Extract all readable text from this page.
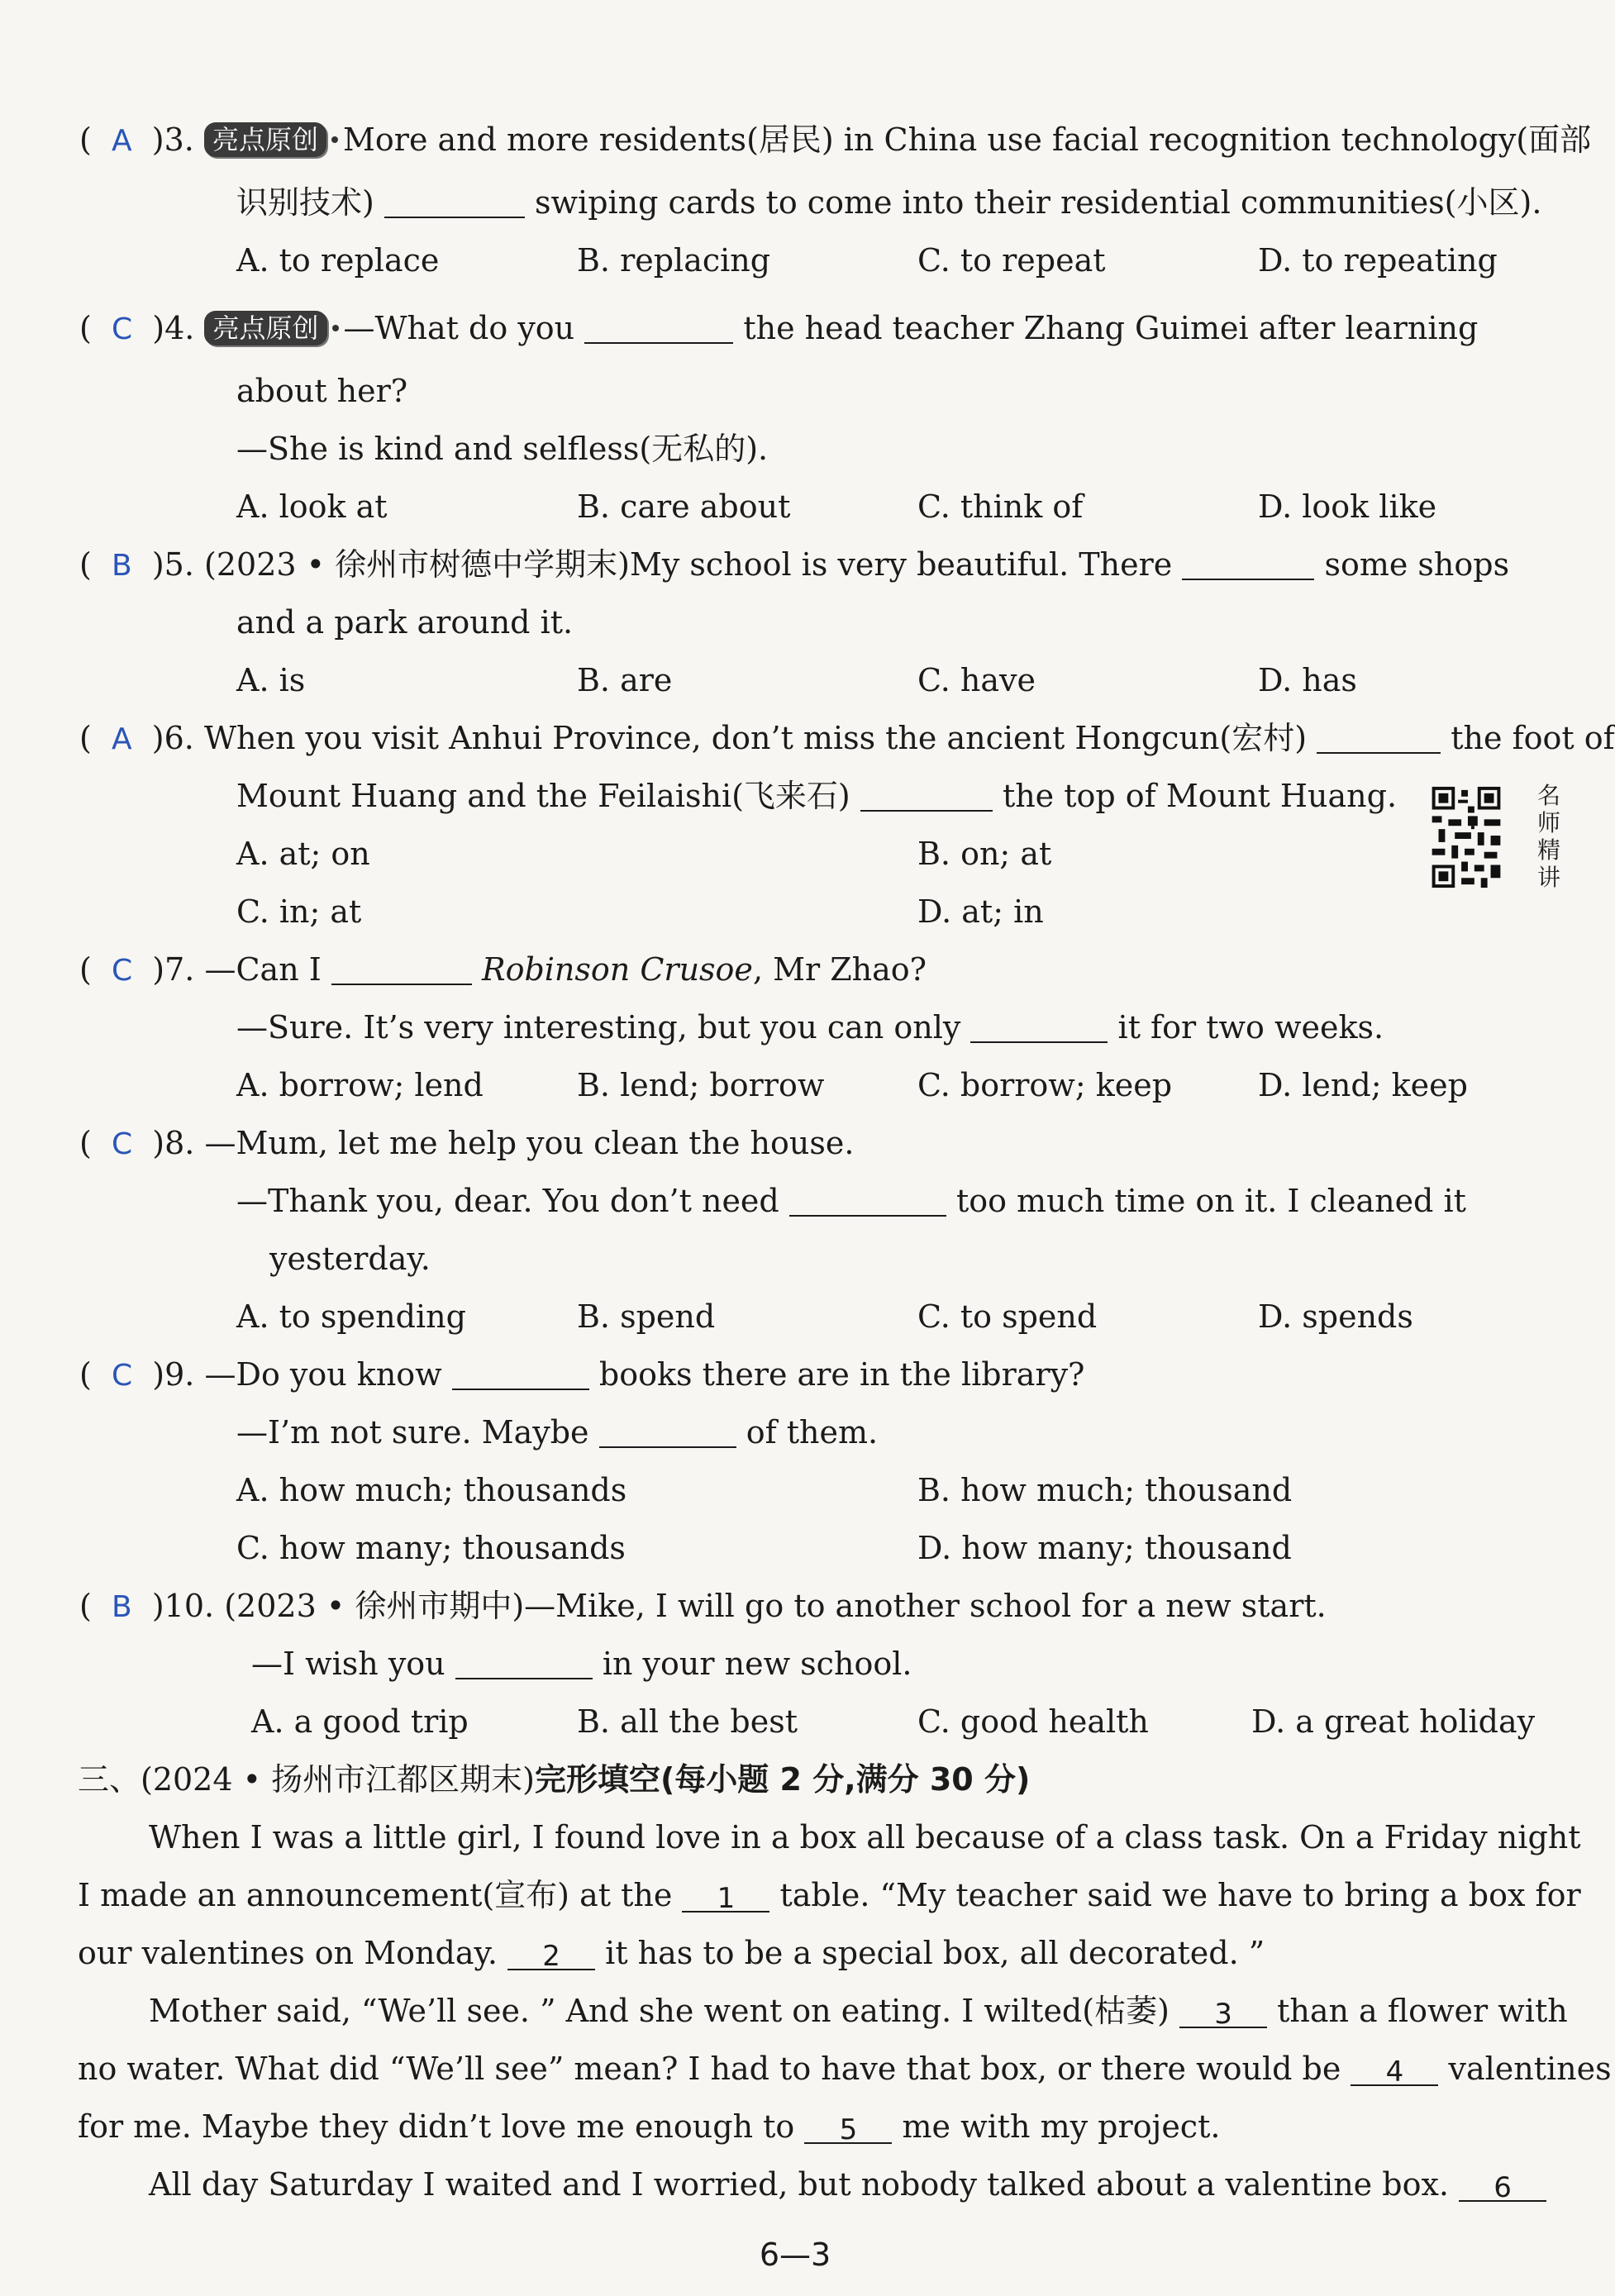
(  A )3. 亮点原创 More and more residents(居民) in China use facial recognition technology(面部
识别技术)	swiping cards to come into their residential communities(小区).
A. to replace	B. replacing	C. to repeat	D. to repeating
(  C )4. 亮点原创 —What do you	the head teacher Zhang Guimei after learning
about her?
—She is kind and selfless(无私的).
A. look at	B. care about	C. think of	D. look like
(  B )5. (2023 • 徐州市树德中学期末)My school is very beautiful. There	some shops
and a park around it.
A. is	B. are	C. have	D. has
(  A )6. When you visit Anhui Province, don’t miss the ancient Hongcun(宏村)	the foot of
Mount Huang and the Feilaishi(飞来石)	the top of Mount Huang.
A. at; on	B. on; at
C. in; at	D. at; in
名师精讲
(  C )7. —Can I	Robinson Crusoe, Mr Zhao?
—Sure. It’s very interesting, but you can only	it for two weeks.
A. borrow; lend	B. lend; borrow	C. borrow; keep	D. lend; keep
(  C )8. —Mum, let me help you clean the house.
—Thank you, dear. You don’t need	too much time on it. I cleaned it
yesterday.
A. to spending	B. spend	C. to spend	D. spends
(  C )9. —Do you know	books there are in the library?
—I’m not sure. Maybe	of them.
A. how much; thousands	B. how much; thousand
C. how many; thousands	D. how many; thousand
(  B )10. (2023 • 徐州市期中)—Mike, I will go to another school for a new start.
—I wish you	in your new school.
A. a good trip	B. all the best	C. good health	D. a great holiday
三、(2024 • 扬州市江都区期末)完形填空(每小题 2 分,满分 30 分)
When I was a little girl, I found love in a box all because of a class task. On a Friday night
I made an announcement(宣布) at the 1 table. “My teacher said we have to bring a box for
our valentines on Monday. 2 it has to be a special box, all decorated. ”
Mother said, “We’ll see. ” And she went on eating. I wilted(枯萎) 3 than a flower with
no water. What did “We’ll see” mean? I had to have that box, or there would be 4 valentines
for me. Maybe they didn’t love me enough to 5 me with my project.
All day Saturday I waited and I worried, but nobody talked about a valentine box. 6
6—3
